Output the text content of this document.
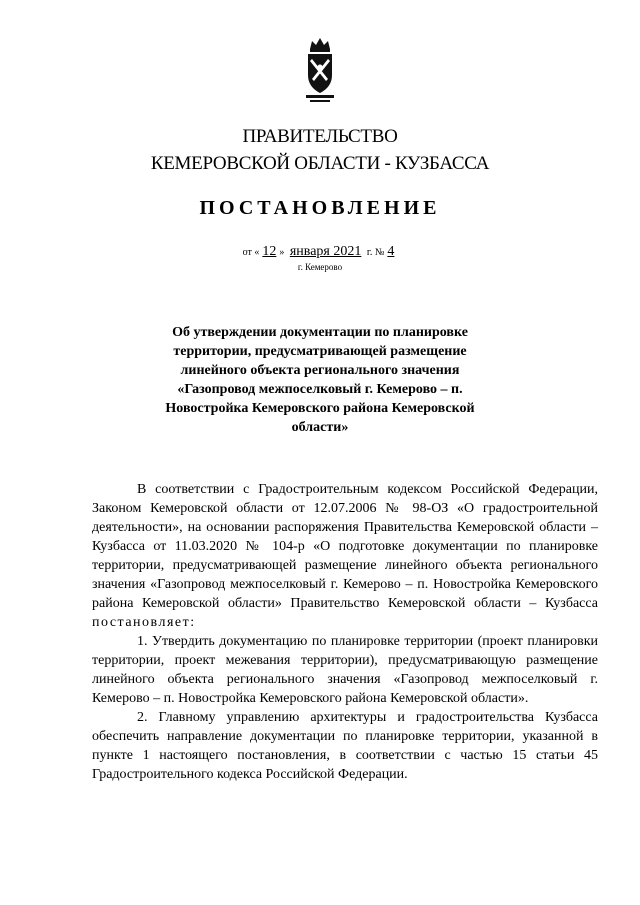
ПРАВИТЕЛЬСТВО
КЕМЕРОВСКОЙ ОБЛАСТИ - КУЗБАССА
ПОСТАНОВЛЕНИЕ
от « 12 » января 2021 г. № 4
г. Кемерово
Об утверждении документации по планировке территории, предусматривающей размещение линейного объекта регионального значения «Газопровод межпоселковый г. Кемерово – п. Новостройка Кемеровского района Кемеровской области»

В соответствии с Градостроительным кодексом Российской Федерации, Законом Кемеровской области от 12.07.2006 № 98-ОЗ «О градостроительной деятельности», на основании распоряжения Правительства Кемеровской области – Кузбасса от 11.03.2020 № 104-р «О подготовке документации по планировке территории, предусматривающей размещение линейного объекта регионального значения «Газопровод межпоселковый г. Кемерово – п. Новостройка Кемеровского района Кемеровской области» Правительство Кемеровской области – Кузбасса постановляет:

1. Утвердить документацию по планировке территории (проект планировки территории, проект межевания территории), предусматривающую размещение линейного объекта регионального значения «Газопровод межпоселковый г. Кемерово – п. Новостройка Кемеровского района Кемеровской области».

2. Главному управлению архитектуры и градостроительства Кузбасса обеспечить направление документации по планировке территории, указанной в пункте 1 настоящего постановления, в соответствии с частью 15 статьи 45 Градостроительного кодекса Российской Федерации.
